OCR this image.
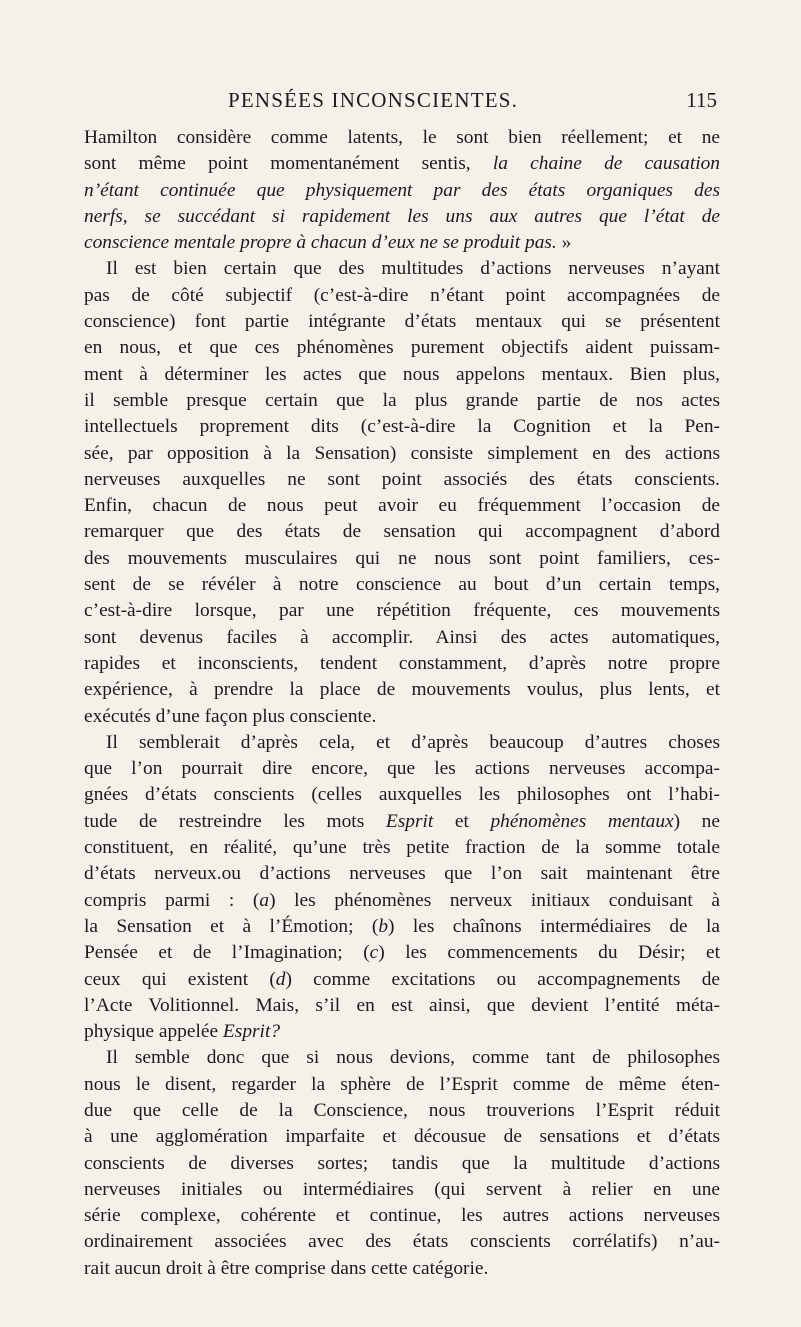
PENSÉES INCONSCIENTES.	115
Hamilton considère comme latents, le sont bien réellement; et ne
sont même point momentanément sentis, la chaine de causation
n’étant continuée que physiquement par des états organiques des
nerfs, se succédant si rapidement les uns aux autres que l’état de
conscience mentale propre à chacun d’eux ne se produit pas. »
Il est bien certain que des multitudes d’actions nerveuses n’ayant
pas de côté subjectif (c’est-à-dire n’étant point accompagnées de
conscience) font partie intégrante d’états mentaux qui se présentent
en nous, et que ces phénomènes purement objectifs aident puissam-
ment à déterminer les actes que nous appelons mentaux. Bien plus,
il semble presque certain que la plus grande partie de nos actes
intellectuels proprement dits (c’est-à-dire la Cognition et la Pen-
sée, par opposition à la Sensation) consiste simplement en des actions
nerveuses auxquelles ne sont point associés des états conscients.
Enfin, chacun de nous peut avoir eu fréquemment l’occasion de
remarquer que des états de sensation qui accompagnent d’abord
des mouvements musculaires qui ne nous sont point familiers, ces-
sent de se révéler à notre conscience au bout d’un certain temps,
c’est-à-dire lorsque, par une répétition fréquente, ces mouvements
sont devenus faciles à accomplir. Ainsi des actes automatiques,
rapides et inconscients, tendent constamment, d’après notre propre
expérience, à prendre la place de mouvements voulus, plus lents, et
exécutés d’une façon plus consciente.
Il semblerait d’après cela, et d’après beaucoup d’autres choses
que l’on pourrait dire encore, que les actions nerveuses accompa-
gnées d’états conscients (celles auxquelles les philosophes ont l’habi-
tude de restreindre les mots Esprit et phénomènes mentaux) ne
constituent, en réalité, qu’une très petite fraction de la somme totale
d’états nerveux.ou d’actions nerveuses que l’on sait maintenant être
compris parmi : (a) les phénomènes nerveux initiaux conduisant à
la Sensation et à l’Émotion; (b) les chaînons intermédiaires de la
Pensée et de l’Imagination; (c) les commencements du Désir; et
ceux qui existent (d) comme excitations ou accompagnements de
l’Acte Volitionnel. Mais, s’il en est ainsi, que devient l’entité méta-
physique appelée Esprit?
Il semble donc que si nous devions, comme tant de philosophes
nous le disent, regarder la sphère de l’Esprit comme de même éten-
due que celle de la Conscience, nous trouverions l’Esprit réduit
à une agglomération imparfaite et décousue de sensations et d’états
conscients de diverses sortes; tandis que la multitude d’actions
nerveuses initiales ou intermédiaires (qui servent à relier en une
série complexe, cohérente et continue, les autres actions nerveuses
ordinairement associées avec des états conscients corrélatifs) n’au-
rait aucun droit à être comprise dans cette catégorie.
